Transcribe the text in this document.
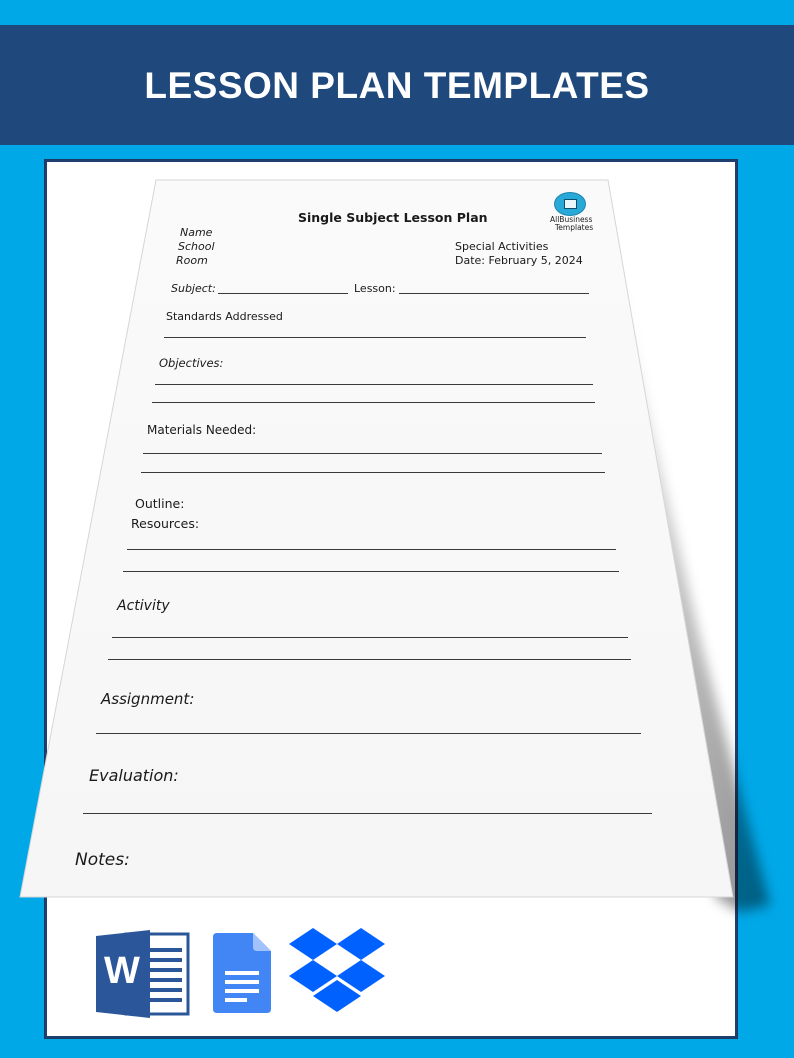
LESSON PLAN TEMPLATES
Single Subject Lesson Plan	AllBusiness
Templates
Name
School
Room
Special Activities
Date: February 5, 2024
Subject:	Lesson:
Standards Addressed
Objectives:
Materials Needed:
Outline:
Resources:
Activity
Assignment:
Evaluation:
Notes:
W
